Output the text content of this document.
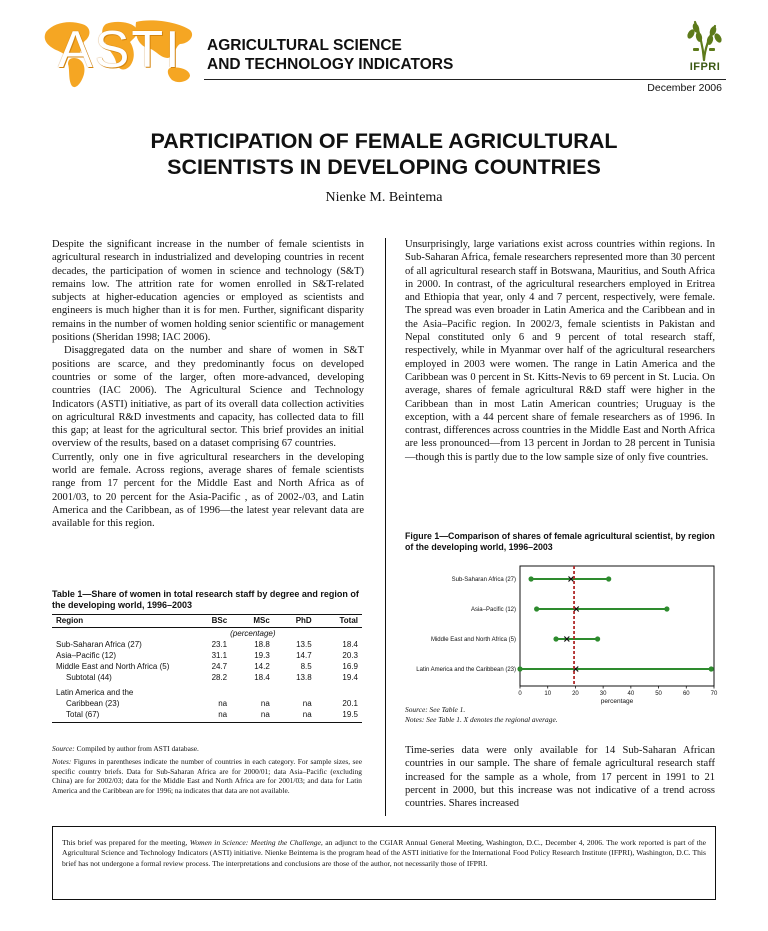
ASTI AGRICULTURAL SCIENCE
AND TECHNOLOGY INDICATORS	IFPRI
December 2006
PARTICIPATION OF FEMALE AGRICULTURAL
SCIENTISTS IN DEVELOPING COUNTRIES
Nienke M. Beintema

Despite the significant increase in the number of female scientists in agricultural research in industrialized and developing countries in recent decades, the participation of women in science and technology (S&T) remains low. The attrition rate for women enrolled in S&T-related subjects at higher-education agencies or employed as scientists and engineers is much higher than it is for men. Further, significant disparity remains in the number of women holding senior scientific or management positions (Sheridan 1998; IAC 2006).

Disaggregated data on the number and share of women in S&T positions are scarce, and they predominantly focus on developed countries or some of the larger, often more-advanced, developing countries (IAC 2006). The Agricultural Science and Technology Indicators (ASTI) initiative, as part of its overall data collection activities on agricultural R&D investments and capacity, has collected data to fill this gap; at least for the agricultural sector. This brief provides an initial overview of the results, based on a dataset comprising 67 countries.

Currently, only one in five agricultural researchers in the developing world are female. Across regions, average shares of female scientists range from 17 percent for the Middle East and North Africa as of 2001/03, to 20 percent for the Asia-Pacific , as of 2002-/03, and Latin America and the Caribbean, as of 1996—the latest year relevant data are available for this region.

Table 1—Share of women in total research staff by degree and region of the developing world, 1996–2003
Region	BSc	MSc	PhD	Total
	(percentage)			
Sub-Saharan Africa (27)	23.1	18.8	13.5	18.4
Asia–Pacific (12)	31.1	19.3	14.7	20.3
Middle East and North Africa (5)	24.7	14.2	8.5	16.9
Subtotal (44)	28.2	18.4	13.8	19.4
Latin America and the				
Caribbean (23)	na	na	na	20.1
Total (67)	na	na	na	19.5
Source: Compiled by author from ASTI database.
Notes: Figures in parentheses indicate the number of countries in each category. For sample sizes, see specific country briefs. Data for Sub-Saharan Africa are for 2000/01; data Asia–Pacific (excluding China) are for 2002/03; data for the Middle East and North Africa are for 2001/03; and data for Latin America and the Caribbean are for 1996; na indicates that data are not available.

Unsurprisingly, large variations exist across countries within regions. In Sub-Saharan Africa, female researchers represented more than 30 percent of all agricultural research staff in Botswana, Mauritius, and South Africa in 2000. In contrast, of the agricultural researchers employed in Eritrea and Ethiopia that year, only 4 and 7 percent, respectively, were female. The spread was even broader in Latin America and the Caribbean and in the Asia–Pacific region. In 2002/3, female scientists in Pakistan and Nepal constituted only 6 and 9 percent of total research staff, respectively, while in Myanmar over half of the agricultural researchers employed in 2003 were women. The range in Latin America and the Caribbean was 0 percent in St. Kitts-Nevis to 69 percent in St. Lucia. On average, shares of female agricultural R&D staff were higher in the Caribbean than in most Latin American countries; Uruguay is the exception, with a 44 percent share of female researchers as of 1996. In contrast, differences across countries in the Middle East and North Africa are less pronounced—from 13 percent in Jordan to 28 percent in Tunisia—though this is partly due to the low sample size of only five countries.

Figure 1—Comparison of shares of female agricultural scientist, by region of the developing world, 1996–2003
Sub-Saharan Africa (27)
Asia–Pacific (12)
Middle East and North Africa (5)
Latin America and the Caribbean (23)
0	10	20	30	40	50	60	70
percentage
Source: See Table 1.
Notes: See Table 1. X denotes the regional average.

Time-series data were only available for 14 Sub-Saharan African countries in our sample. The share of female agricultural research staff increased for the sample as a whole, from 17 percent in 1991 to 21 percent in 2000, but this increase was not indicative of a trend across countries. Shares increased

This brief was prepared for the meeting, Women in Science: Meeting the Challenge, an adjunct to the CGIAR Annual General Meeting, Washington, D.C., December 4, 2006. The work reported is part of the Agricultural Science and Technology Indicators (ASTI) initiative. Nienke Beintema is the program head of the ASTI initiative for the International Food Policy Research Institute (IFPRI), Washington, D.C. This brief has not undergone a formal review process. The interpretations and conclusions are those of the author, not necessarily those of IFPRI.
